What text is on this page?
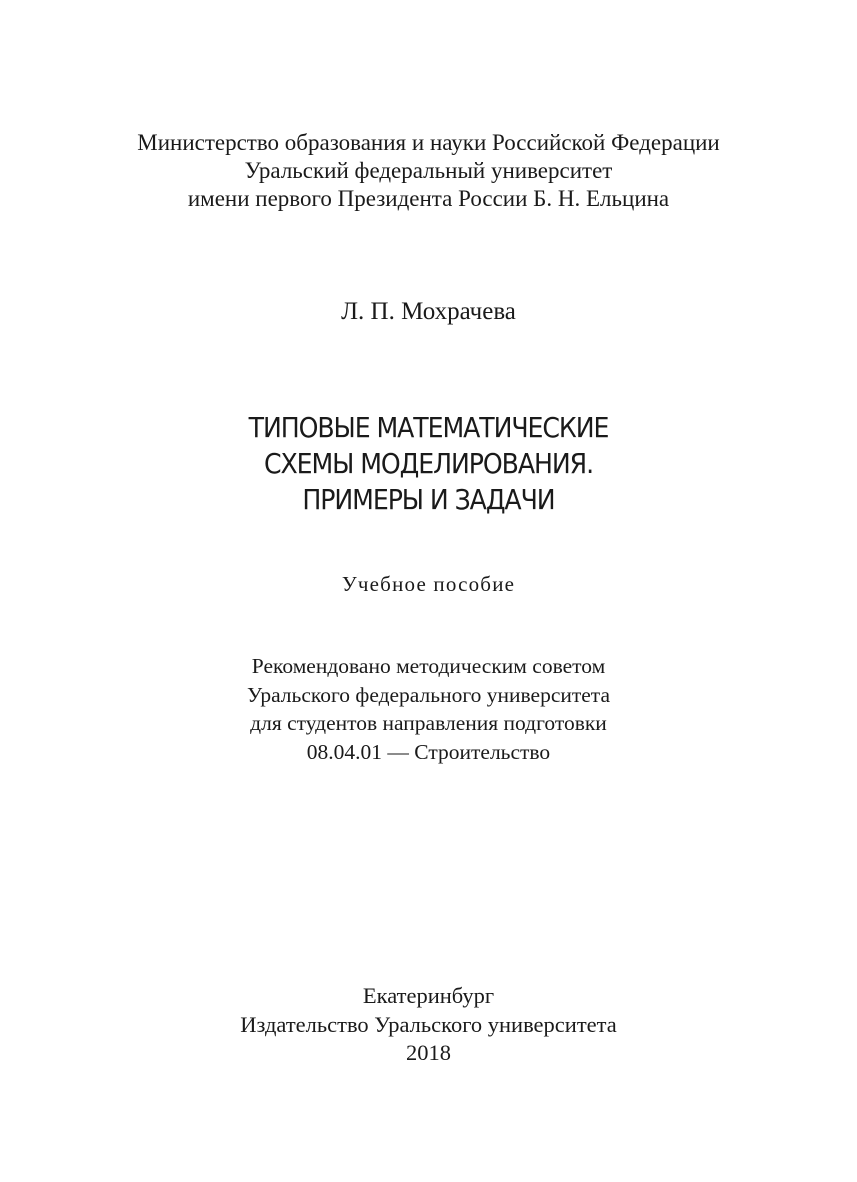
Министерство образования и науки Российской Федерации
Уральский федеральный университет
имени первого Президента России Б. Н. Ельцина
Л. П. Мохрачева
ТИПОВЫЕ МАТЕМАТИЧЕСКИЕ
СХЕМЫ МОДЕЛИРОВАНИЯ.
ПРИМЕРЫ И ЗАДАЧИ
Учебное пособие
Рекомендовано методическим советом
Уральского федерального университета
для студентов направления подготовки
08.04.01 — Строительство
Екатеринбург
Издательство Уральского университета
2018
